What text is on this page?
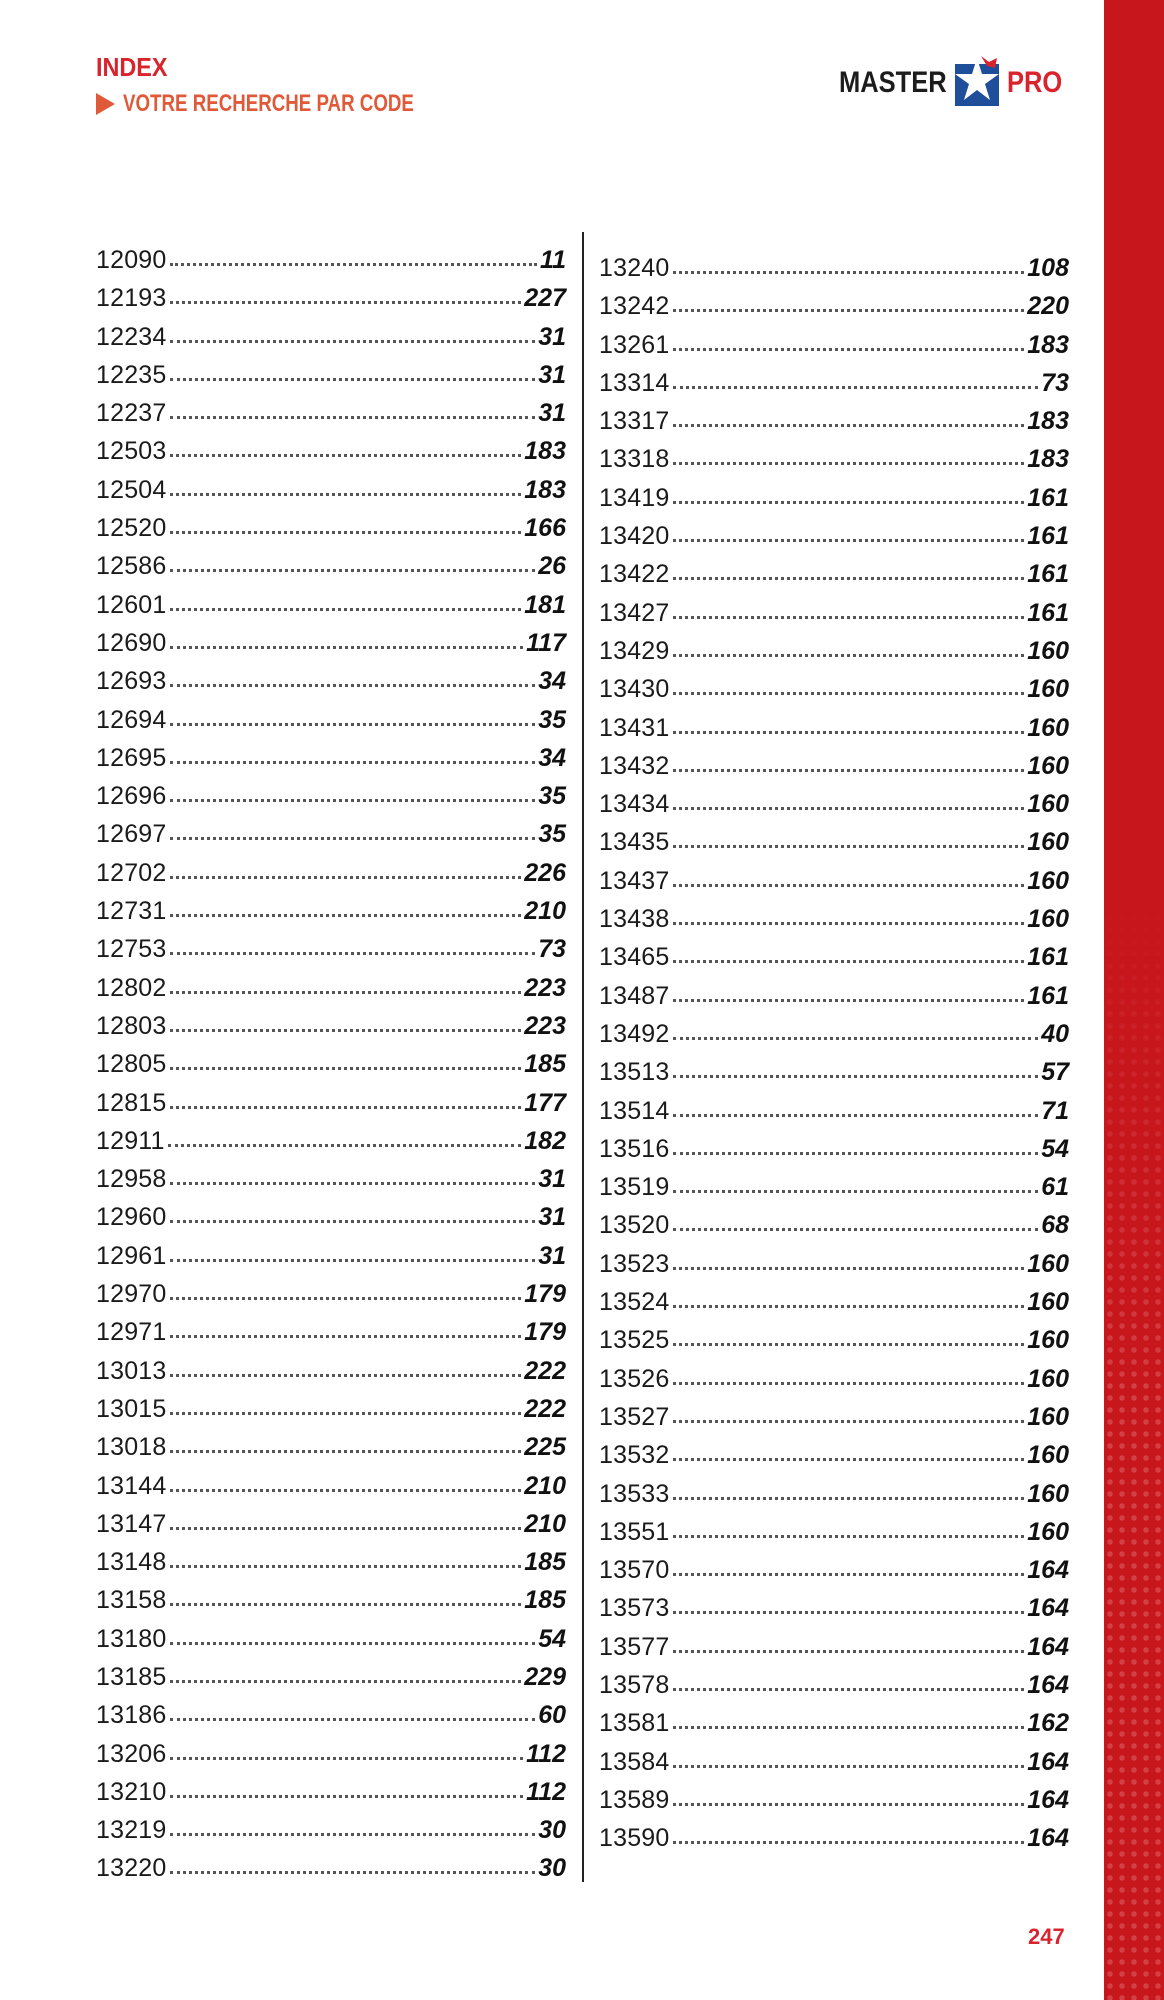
INDEX
VOTRE RECHERCHE PAR CODE
MASTER PRO
12090	11
12193	227
12234	31
12235	31
12237	31
12503	183
12504	183
12520	166
12586	26
12601	181
12690	117
12693	34
12694	35
12695	34
12696	35
12697	35
12702	226
12731	210
12753	73
12802	223
12803	223
12805	185
12815	177
12911	182
12958	31
12960	31
12961	31
12970	179
12971	179
13013	222
13015	222
13018	225
13144	210
13147	210
13148	185
13158	185
13180	54
13185	229
13186	60
13206	112
13210	112
13219	30
13220	30
13240	108
13242	220
13261	183
13314	73
13317	183
13318	183
13419	161
13420	161
13422	161
13427	161
13429	160
13430	160
13431	160
13432	160
13434	160
13435	160
13437	160
13438	160
13465	161
13487	161
13492	40
13513	57
13514	71
13516	54
13519	61
13520	68
13523	160
13524	160
13525	160
13526	160
13527	160
13532	160
13533	160
13551	160
13570	164
13573	164
13577	164
13578	164
13581	162
13584	164
13589	164
13590	164
247
